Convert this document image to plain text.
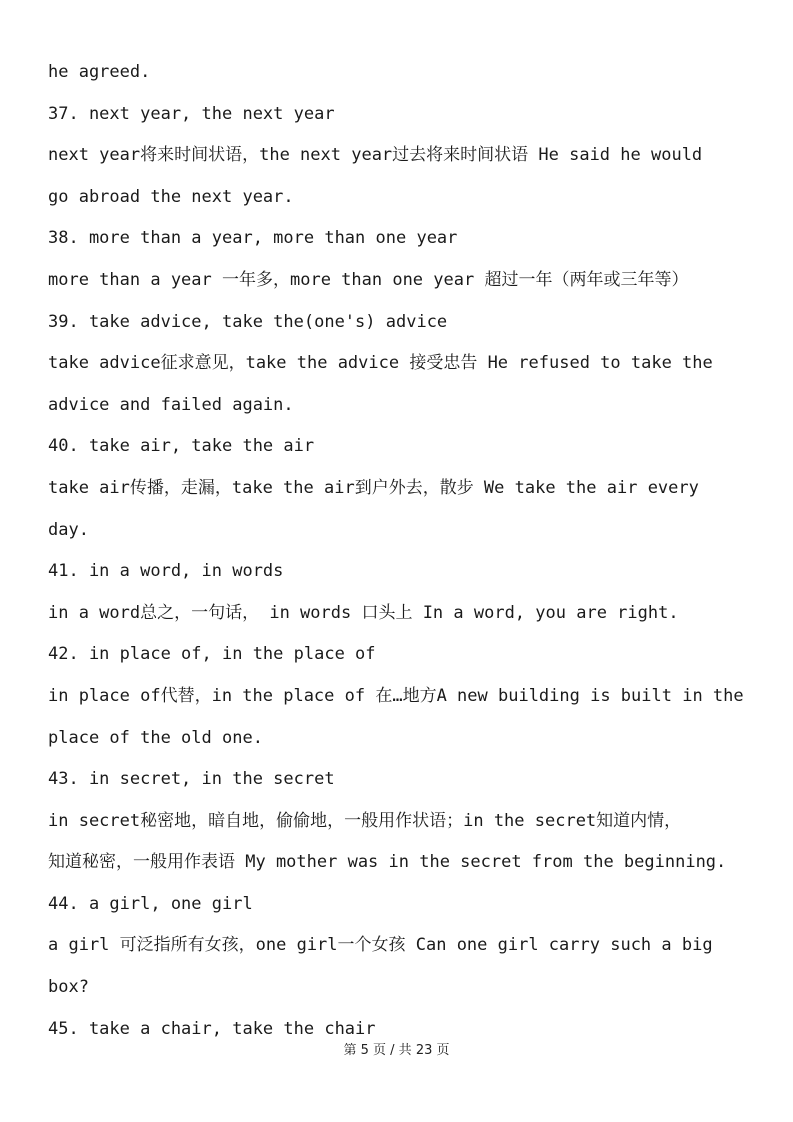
he agreed.
37. next year, the next year
next year将来时间状语，the next year过去将来时间状语 He said he would
go abroad the next year.
38. more than a year, more than one year
more than a year 一年多，more than one year 超过一年（两年或三年等）
39. take advice, take the(one's) advice
take advice征求意见，take the advice 接受忠告 He refused to take the
advice and failed again.
40. take air, take the air
take air传播，走漏，take the air到户外去，散步 We take the air every
day.
41. in a word, in words
in a word总之，一句话， in words 口头上 In a word, you are right.
42. in place of, in the place of
in place of代替，in the place of 在…地方A new building is built in the
place of the old one.
43. in secret, in the secret
in secret秘密地，暗自地，偷偷地，一般用作状语；in the secret知道内情，
知道秘密，一般用作表语 My mother was in the secret from the beginning.
44. a girl, one girl
a girl 可泛指所有女孩，one girl一个女孩 Can one girl carry such a big
box?
45. take a chair, take the chair
第 5 页 / 共 23 页
